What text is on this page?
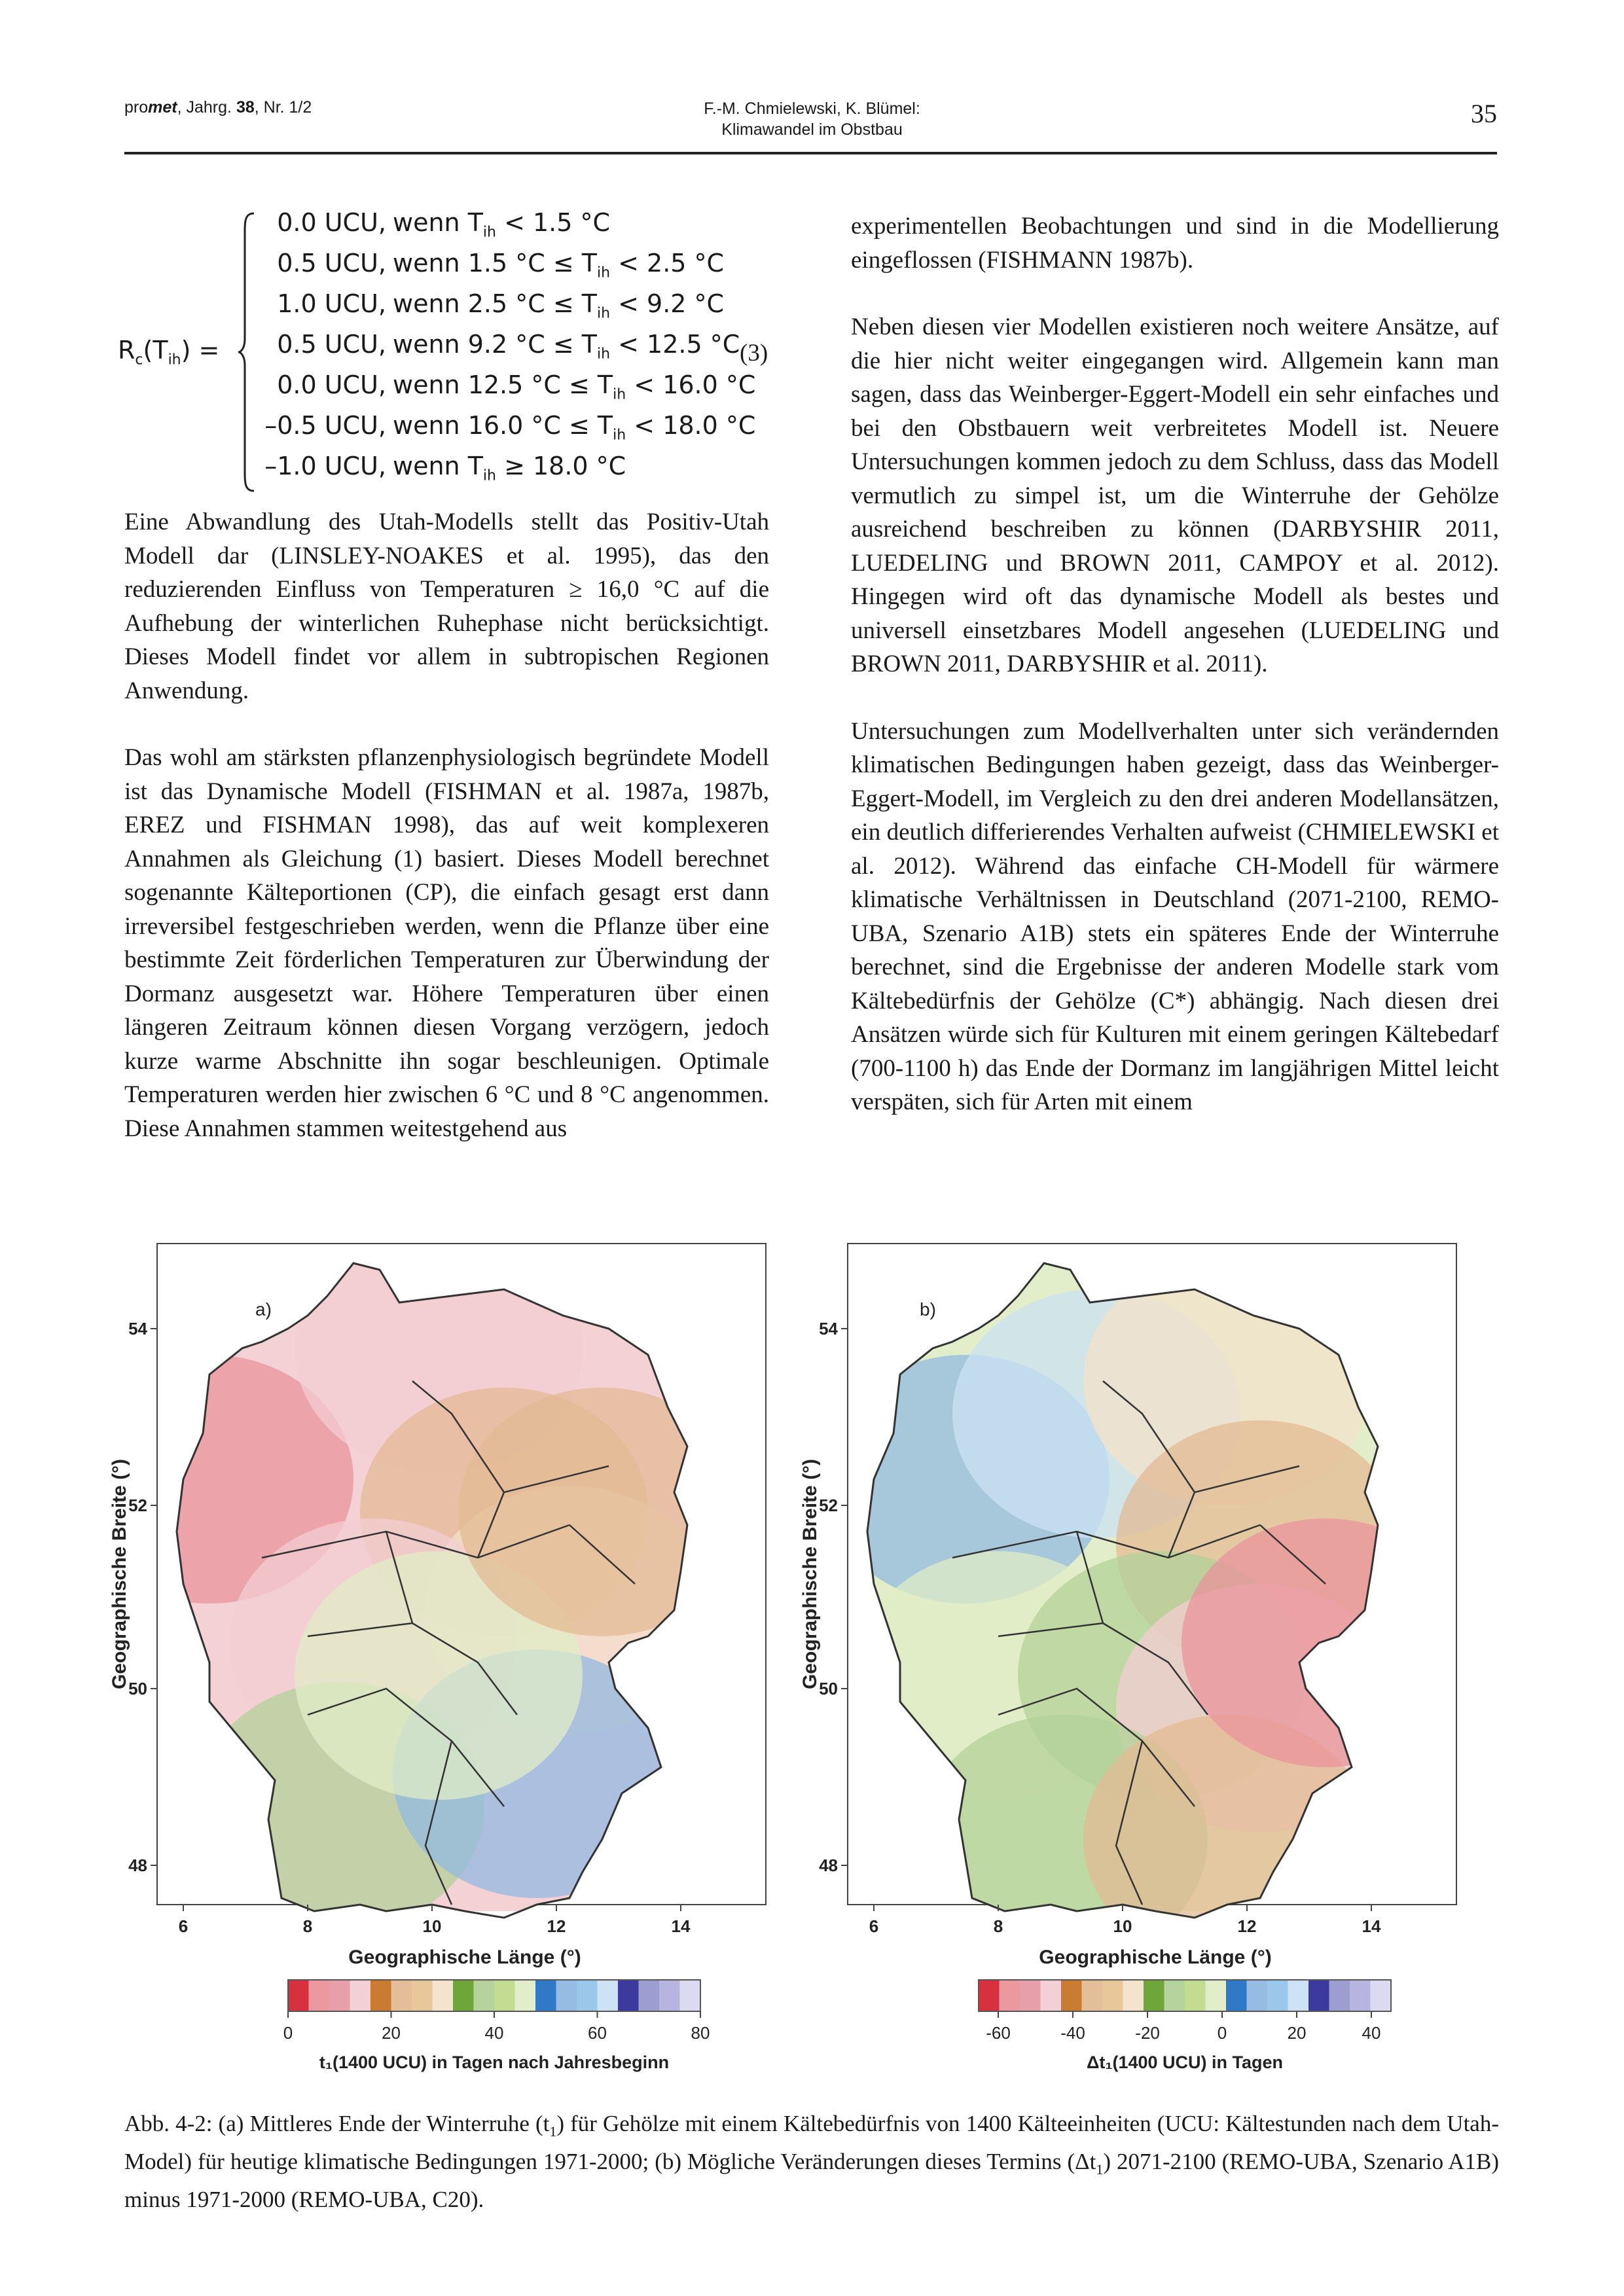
promet, Jahrg. 38, Nr. 1/2	F.-M. Chmielewski, K. Blümel:
Klimawandel im Obstbau
35
$R_c(T_{ih})$ =
0.0 UCU, wenn $T_{ih} < 1.5$ °C
0.5 UCU, wenn 1.5 $^\circ C \le T_{ih} < 2.5$ °C
1.0 UCU, wenn 2.5 $^\circ C \le T_{ih} < 9.2$ °C
0.5 UCU, wenn 9.2 $^\circ C \le T_{ih} < 12.5$ °C
0.0 UCU, wenn 12.5 $^\circ C \le T_{ih} < 16.0$ °C
–0.5 UCU, wenn 16.0 $^\circ C \le T_{ih} < 18.0$ °C
–1.0 UCU, wenn $T_{ih} \ge 18.0$ °C
(3)

Eine Abwandlung des Utah-Modells stellt das Positiv-Utah Modell dar (LINSLEY-NOAKES et al. 1995), das den reduzierenden Einfluss von Temperaturen ≥ 16,0 °C auf die Aufhebung der winterlichen Ruhephase nicht berücksichtigt. Dieses Modell findet vor allem in subtropischen Regionen Anwendung.

Das wohl am stärksten pflanzenphysiologisch begründete Modell ist das Dynamische Modell (FISHMAN et al. 1987a, 1987b, EREZ und FISHMAN 1998), das auf weit komplexeren Annahmen als Gleichung (1) basiert. Dieses Modell berechnet sogenannte Kälteportionen (CP), die einfach gesagt erst dann irreversibel festgeschrieben werden, wenn die Pflanze über eine bestimmte Zeit förderlichen Temperaturen zur Überwindung der Dormanz ausgesetzt war. Höhere Temperaturen über einen längeren Zeitraum können diesen Vorgang verzögern, jedoch kurze warme Abschnitte ihn sogar beschleunigen. Optimale Temperaturen werden hier zwischen 6 °C und 8 °C angenommen. Diese Annahmen stammen weitestgehend aus

experimentellen Beobachtungen und sind in die Modellierung eingeflossen (FISHMANN 1987b).

Neben diesen vier Modellen existieren noch weitere Ansätze, auf die hier nicht weiter eingegangen wird. Allgemein kann man sagen, dass das Weinberger-Eggert-Modell ein sehr einfaches und bei den Obstbauern weit verbreitetes Modell ist. Neuere Untersuchungen kommen jedoch zu dem Schluss, dass das Modell vermutlich zu simpel ist, um die Winterruhe der Gehölze ausreichend beschreiben zu können (DARBYSHIR 2011, LUEDELING und BROWN 2011, CAMPOY et al. 2012). Hingegen wird oft das dynamische Modell als bestes und universell einsetzbares Modell angesehen (LUEDELING und BROWN 2011, DARBYSHIR et al. 2011).

Untersuchungen zum Modellverhalten unter sich verändernden klimatischen Bedingungen haben gezeigt, dass das Weinberger-Eggert-Modell, im Vergleich zu den drei anderen Modellansätzen, ein deutlich differierendes Verhalten aufweist (CHMIELEWSKI et al. 2012). Während das einfache CH-Modell für wärmere klimatische Verhältnissen in Deutschland (2071-2100, REMO-UBA, Szenario A1B) stets ein späteres Ende der Winterruhe berechnet, sind die Ergebnisse der anderen Modelle stark vom Kältebedürfnis der Gehölze (C*) abhängig. Nach diesen drei Ansätzen würde sich für Kulturen mit einem geringen Kältebedarf (700-1100 h) das Ende der Dormanz im langjährigen Mittel leicht verspäten, sich für Arten mit einem

a)
6	8	10	12	14
54
52
50
48
Geographische Länge (°)
Geographische Breite (°)
0	20	40	60	80
t₁(1400 UCU) in Tagen nach Jahresbeginn
b)
6	8	10	12	14
54
52
50
48
Geographische Länge (°)
Geographische Breite (°)
-60	-40	-20	0	20	40
Δt₁(1400 UCU) in Tagen
Abb. 4-2: (a) Mittleres Ende der Winterruhe $(t_1)$ für Gehölze mit einem Kältebedürfnis von 1400 Kälteeinheiten (UCU: Kältestunden nach dem Utah-Model) für heutige klimatische Bedingungen 1971-2000; (b) Mögliche Veränderungen dieses Termins $(\Delta t_1)$ 2071-2100 (REMO-UBA, Szenario A1B) minus 1971-2000 (REMO-UBA, C20).
